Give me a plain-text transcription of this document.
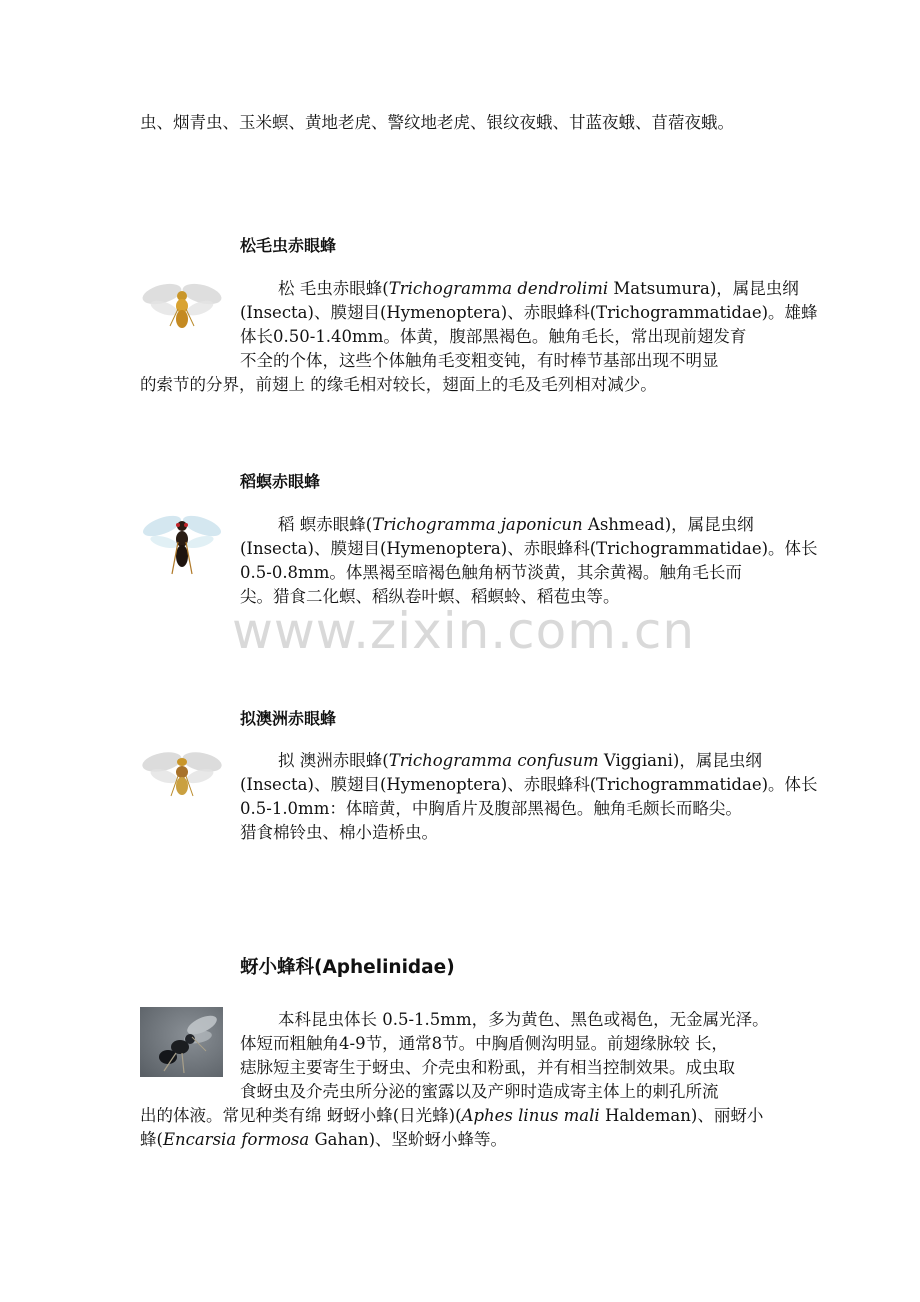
虫、烟青虫、玉米螟、黄地老虎、警纹地老虎、银纹夜蛾、甘蓝夜蛾、苜蓿夜蛾。
松毛虫赤眼蜂
松 毛虫赤眼蜂(Trichogramma dendrolimi Matsumura)，属昆虫纲
(Insecta)、膜翅目(Hymenoptera)、赤眼蜂科(Trichogrammatidae)。雄蜂
体长0.50-1.40mm。体黄，腹部黑褐色。触角毛长，常出现前翅发育
不全的个体，这些个体触角毛变粗变钝，有时棒节基部出现不明显
的索节的分界，前翅上 的缘毛相对较长，翅面上的毛及毛列相对减少。
稻螟赤眼蜂
稻 螟赤眼蜂(Trichogramma japonicun Ashmead)，属昆虫纲
(Insecta)、膜翅目(Hymenoptera)、赤眼蜂科(Trichogrammatidae)。体长
0.5-0.8mm。体黑褐至暗褐色触角柄节淡黄，其余黄褐。触角毛长而
尖。猎食二化螟、稻纵卷叶螟、稻螟蛉、稻苞虫等。
www.zixin.com.cn
拟澳洲赤眼蜂
拟 澳洲赤眼蜂(Trichogramma confusum Viggiani)，属昆虫纲
(Insecta)、膜翅目(Hymenoptera)、赤眼蜂科(Trichogrammatidae)。体长
0.5-1.0mm：体暗黄，中胸盾片及腹部黑褐色。触角毛颇长而略尖。
猎食棉铃虫、棉小造桥虫。
蚜小蜂科(Aphelinidae)
本科昆虫体长 0.5-1.5mm，多为黄色、黑色或褐色，无金属光泽。
体短而粗触角4-9节，通常8节。中胸盾侧沟明显。前翅缘脉较 长，
痣脉短主要寄生于蚜虫、介壳虫和粉虱，并有相当控制效果。成虫取
食蚜虫及介壳虫所分泌的蜜露以及产卵时造成寄主体上的刺孔所流
出的体液。常见种类有绵 蚜蚜小蜂(日光蜂)(Aphes linus mali Haldeman)、丽蚜小
蜂(Encarsia formosa Gahan)、坚蚧蚜小蜂等。
